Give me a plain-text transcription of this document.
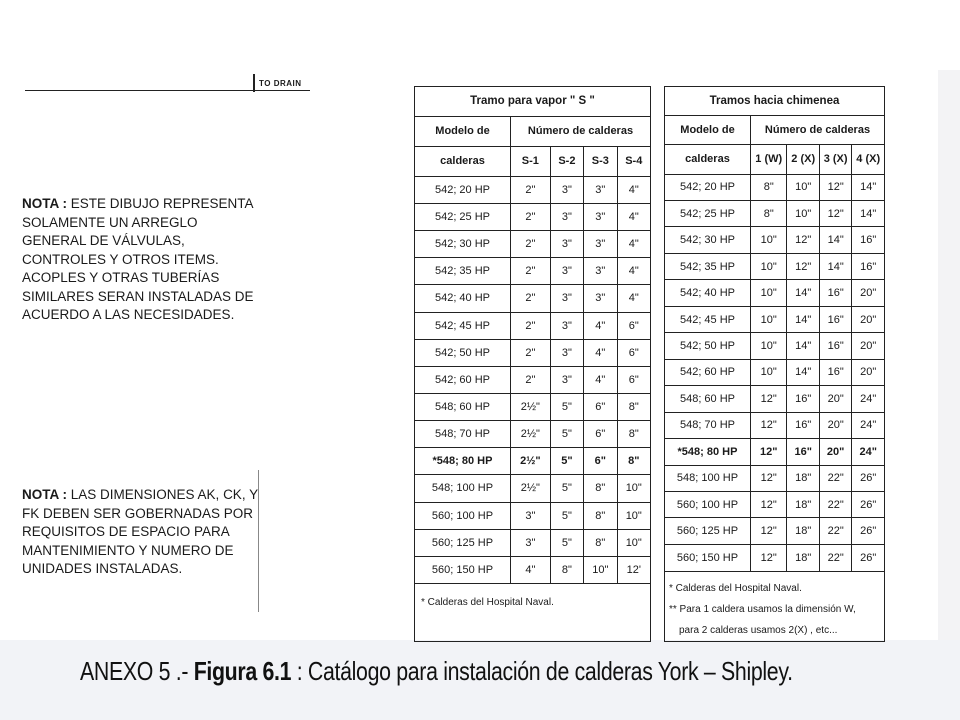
TO DRAIN
NOTA : ESTE DIBUJO REPRESENTA SOLAMENTE UN ARREGLO GENERAL DE VÁLVULAS, CONTROLES Y OTROS ITEMS. ACOPLES Y OTRAS TUBERÍAS SIMILARES SERAN INSTALADAS DE ACUERDO A LAS NECESIDADES.
NOTA : LAS DIMENSIONES AK, CK, Y FK DEBEN SER GOBERNADAS POR REQUISITOS DE ESPACIO PARA MANTENIMIENTO Y NUMERO DE UNIDADES INSTALADAS.
Tramo para vapor " S "				
Modelo de	Número de calderas			
calderas	S-1	S-2	S-3	S-4
542; 20 HP	2"	3"	3"	4"
542; 25 HP	2"	3"	3"	4"
542; 30 HP	2"	3"	3"	4"
542; 35 HP	2"	3"	3"	4"
542; 40 HP	2"	3"	3"	4"
542; 45 HP	2"	3"	4"	6"
542; 50 HP	2"	3"	4"	6"
542; 60 HP	2"	3"	4"	6"
548; 60 HP	2½"	5"	6"	8"
548; 70 HP	2½"	5"	6"	8"
*548; 80 HP	2½"	5"	6"	8"
548; 100 HP	2½"	5"	8"	10"
560; 100 HP	3"	5"	8"	10"
560; 125 HP	3"	5"	8"	10"
560; 150 HP	4"	8"	10"	12'
* Calderas del Hospital Naval.				
Tramos hacia chimenea				
Modelo de	Número de calderas			
calderas	1 (W)	2 (X)	3 (X)	4 (X)
542; 20 HP	8"	10"	12"	14"
542; 25 HP	8"	10"	12"	14"
542; 30 HP	10"	12"	14"	16"
542; 35 HP	10"	12"	14"	16"
542; 40 HP	10"	14"	16"	20"
542; 45 HP	10"	14"	16"	20"
542; 50 HP	10"	14"	16"	20"
542; 60 HP	10"	14"	16"	20"
548; 60 HP	12"	16"	20"	24"
548; 70 HP	12"	16"	20"	24"
*548; 80 HP	12"	16"	20"	24"
548; 100 HP	12"	18"	22"	26"
560; 100 HP	12"	18"	22"	26"
560; 125 HP	12"	18"	22"	26"
560; 150 HP	12"	18"	22"	26"

* Calderas del Hospital Naval.
** Para 1 caldera usamos la dimensión W,
para 2 calderas usamos 2(X) , etc...				
ANEXO 5 .- Figura 6.1 : Catálogo para instalación de calderas York – Shipley.
